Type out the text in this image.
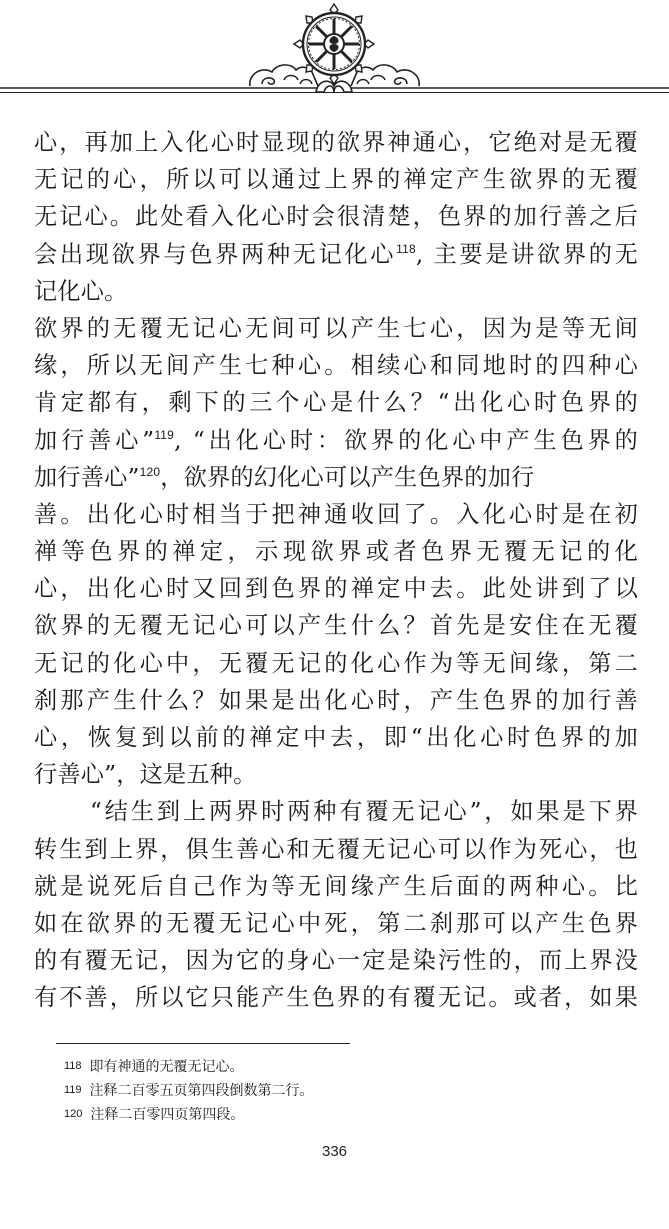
心，再加上入化心时显现的欲界神通心，它绝对是无覆
无记的心，所以可以通过上界的禅定产生欲界的无覆
无记心。此处看入化心时会很清楚，色界的加行善之后
会出现欲界与色界两种无记化心$^{118}$, 主要是讲欲界的无
记化心。
欲界的无覆无记心无间可以产生七心，因为是等无间
缘，所以无间产生七种心。相续心和同地时的四种心
肯定都有，剩下的三个心是什么？“出化心时色界的
加行善心”$^{119}$, “出化心时：欲界的化心中产生色界的
加行善心”$^{120}$，欲界的幻化心可以产生色界的加行
善。出化心时相当于把神通收回了。入化心时是在初
禅等色界的禅定，示现欲界或者色界无覆无记的化
心，出化心时又回到色界的禅定中去。此处讲到了以
欲界的无覆无记心可以产生什么？首先是安住在无覆
无记的化心中，无覆无记的化心作为等无间缘，第二
刹那产生什么？如果是出化心时，产生色界的加行善
心，恢复到以前的禅定中去，即“出化心时色界的加
行善心”，这是五种。
“结生到上两界时两种有覆无记心”，如果是下界
转生到上界，俱生善心和无覆无记心可以作为死心，也
就是说死后自己作为等无间缘产生后面的两种心。比
如在欲界的无覆无记心中死，第二刹那可以产生色界
的有覆无记，因为它的身心一定是染污性的，而上界没
有不善，所以它只能产生色界的有覆无记。或者，如果
118 即有神通的无覆无记心。
119 注释二百零五页第四段倒数第二行。
120 注释二百零四页第四段。
336
